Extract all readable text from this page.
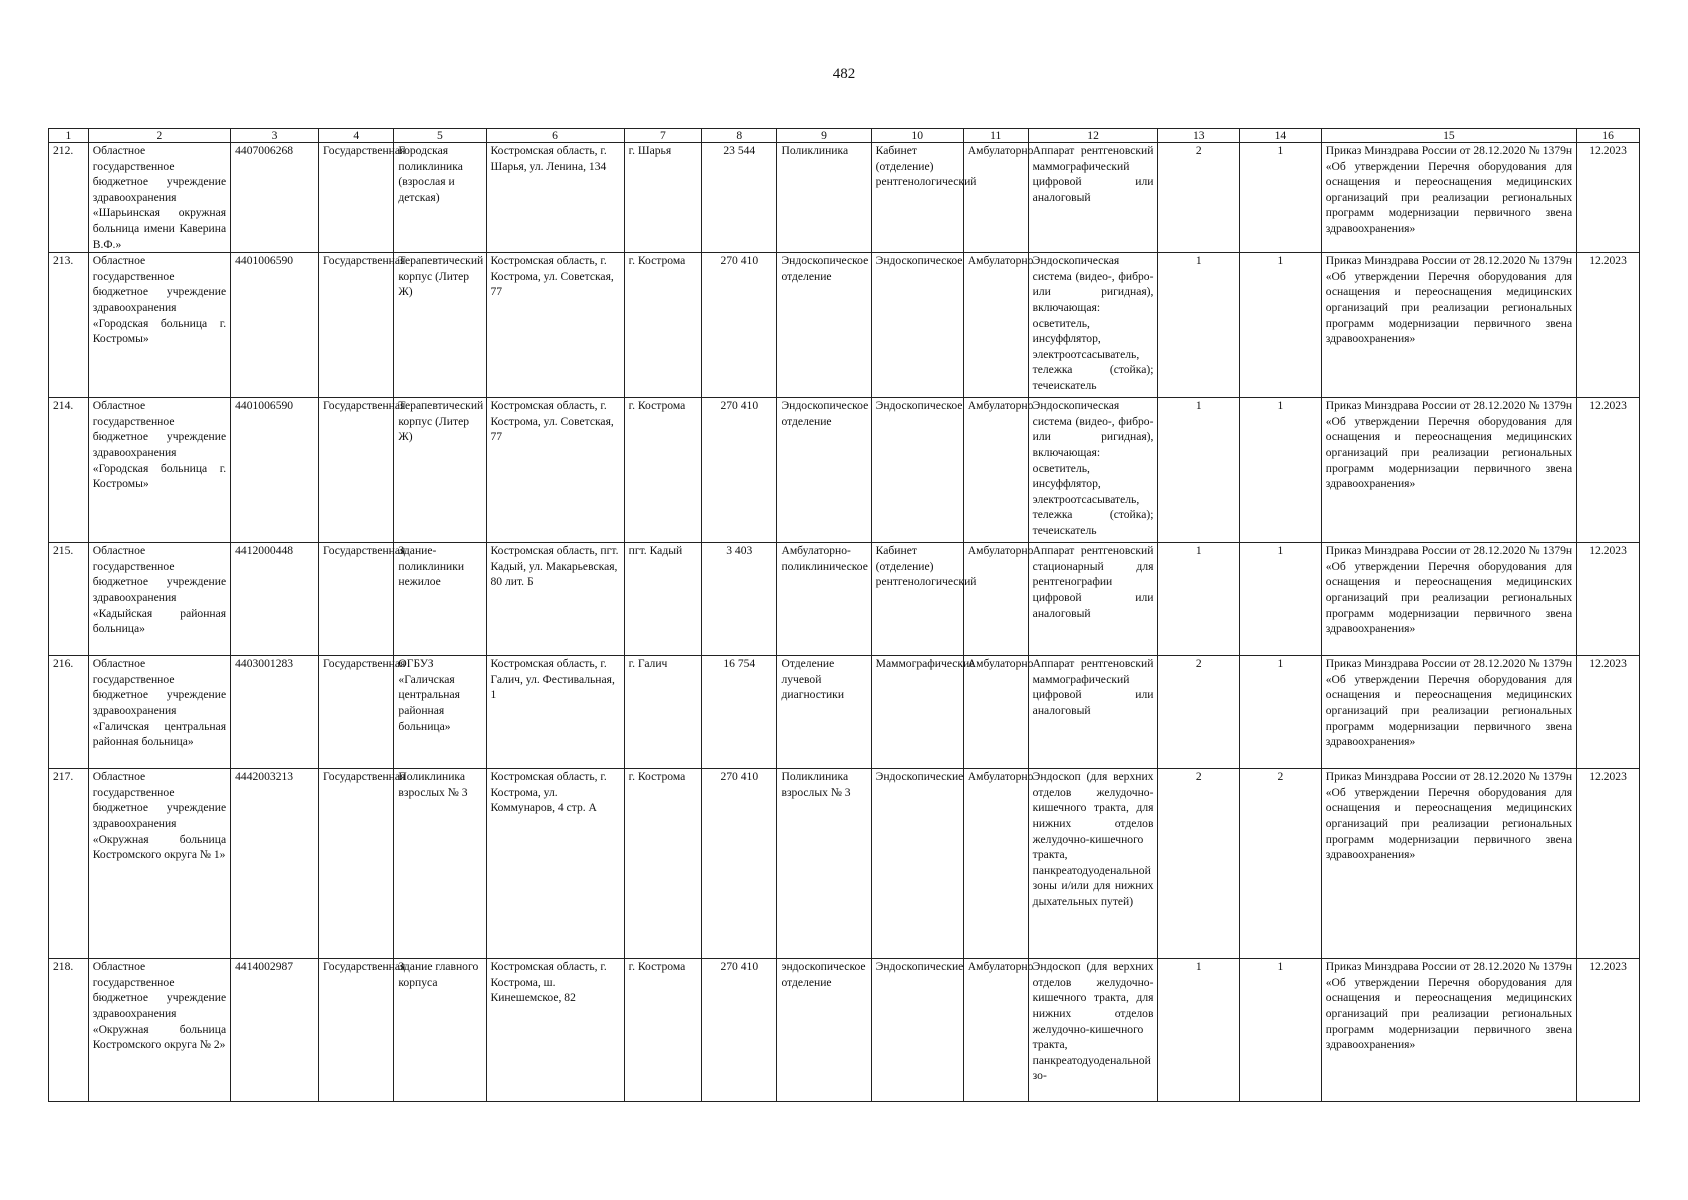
482
1	2	3	4	5	6	7	8	9	10	11	12	13	14	15	16
212.	Областное государственное бюджетное учреждение здравоохранения «Шарьинская окружная больница имени Каверина В.Ф.»	4407006268	Государственная	Городская поликлиника (взрослая и детская)	Костромская область, г. Шарья, ул. Ленина, 134	г. Шарья	23 544	Поликлиника	Кабинет (отделение) рентгенологический	Амбулаторно	Аппарат рентгеновский маммографический цифровой или аналоговый	2	1	Приказ Минздрава России от 28.12.2020 № 1379н «Об утверждении Перечня оборудования для оснащения и переоснащения медицинских организаций при реализации региональных программ модернизации первичного звена здравоохранения»	12.2023
213.	Областное государственное бюджетное учреждение здравоохранения «Городская больница г. Костромы»	4401006590	Государственная	Терапевтический корпус (Литер Ж)	Костромская область, г. Кострома, ул. Советская, 77	г. Кострома	270 410	Эндоскопическое отделение	Эндоскопическое	Амбулаторно	Эндоскопическая система (видео-, фибро- или ригидная), включающая: осветитель, инсуффлятор, электроотсасыватель, тележка (стойка); течеискатель	1	1	Приказ Минздрава России от 28.12.2020 № 1379н «Об утверждении Перечня оборудования для оснащения и переоснащения медицинских организаций при реализации региональных программ модернизации первичного звена здравоохранения»	12.2023
214.	Областное государственное бюджетное учреждение здравоохранения «Городская больница г. Костромы»	4401006590	Государственная	Терапевтический корпус (Литер Ж)	Костромская область, г. Кострома, ул. Советская, 77	г. Кострома	270 410	Эндоскопическое отделение	Эндоскопическое	Амбулаторно	Эндоскопическая система (видео-, фибро- или ригидная), включающая: осветитель, инсуффлятор, электроотсасыватель, тележка (стойка); течеискатель	1	1	Приказ Минздрава России от 28.12.2020 № 1379н «Об утверждении Перечня оборудования для оснащения и переоснащения медицинских организаций при реализации региональных программ модернизации первичного звена здравоохранения»	12.2023
215.	Областное государственное бюджетное учреждение здравоохранения «Кадыйская районная больница»	4412000448	Государственная	Здание-поликлиники нежилое	Костромская область, пгт. Кадый, ул. Макарьевская, 80 лит. Б	пгт. Кадый	3 403	Амбулаторно-поликлиническое	Кабинет (отделение) рентгенологический	Амбулаторно	Аппарат рентгеновский стационарный для рентгенографии цифровой или аналоговый	1	1	Приказ Минздрава России от 28.12.2020 № 1379н «Об утверждении Перечня оборудования для оснащения и переоснащения медицинских организаций при реализации региональных программ модернизации первичного звена здравоохранения»	12.2023
216.	Областное государственное бюджетное учреждение здравоохранения «Галичская центральная районная больница»	4403001283	Государственная	ОГБУЗ «Галичская центральная районная больница»	Костромская область, г. Галич, ул. Фестивальная, 1	г. Галич	16 754	Отделение лучевой диагностики	Маммографические	Амбулаторно	Аппарат рентгеновский маммографический цифровой или аналоговый	2	1	Приказ Минздрава России от 28.12.2020 № 1379н «Об утверждении Перечня оборудования для оснащения и переоснащения медицинских организаций при реализации региональных программ модернизации первичного звена здравоохранения»	12.2023
217.	Областное государственное бюджетное учреждение здравоохранения «Окружная больница Костромского округа № 1»	4442003213	Государственная	Поликлиника взрослых № 3	Костромская область, г. Кострома, ул. Коммунаров, 4 стр. А	г. Кострома	270 410	Поликлиника взрослых № 3	Эндоскопические	Амбулаторно	Эндоскоп (для верхних отделов желудочно-кишечного тракта, для нижних отделов желудочно-кишечного тракта, панкреатодуоденальной зоны и/или для нижних дыхательных путей)	2	2	Приказ Минздрава России от 28.12.2020 № 1379н «Об утверждении Перечня оборудования для оснащения и переоснащения медицинских организаций при реализации региональных программ модернизации первичного звена здравоохранения»	12.2023
218.	Областное государственное бюджетное учреждение здравоохранения «Окружная больница Костромского округа № 2»	4414002987	Государственная	Здание главного корпуса	Костромская область, г. Кострома, ш. Кинешемское, 82	г. Кострома	270 410	эндоскопическое отделение	Эндоскопические	Амбулаторно	Эндоскоп (для верхних отделов желудочно-кишечного тракта, для нижних отделов желудочно-кишечного тракта, панкреатодуоденальной зо-	1	1	Приказ Минздрава России от 28.12.2020 № 1379н «Об утверждении Перечня оборудования для оснащения и переоснащения медицинских организаций при реализации региональных программ модернизации первичного звена здравоохранения»	12.2023
